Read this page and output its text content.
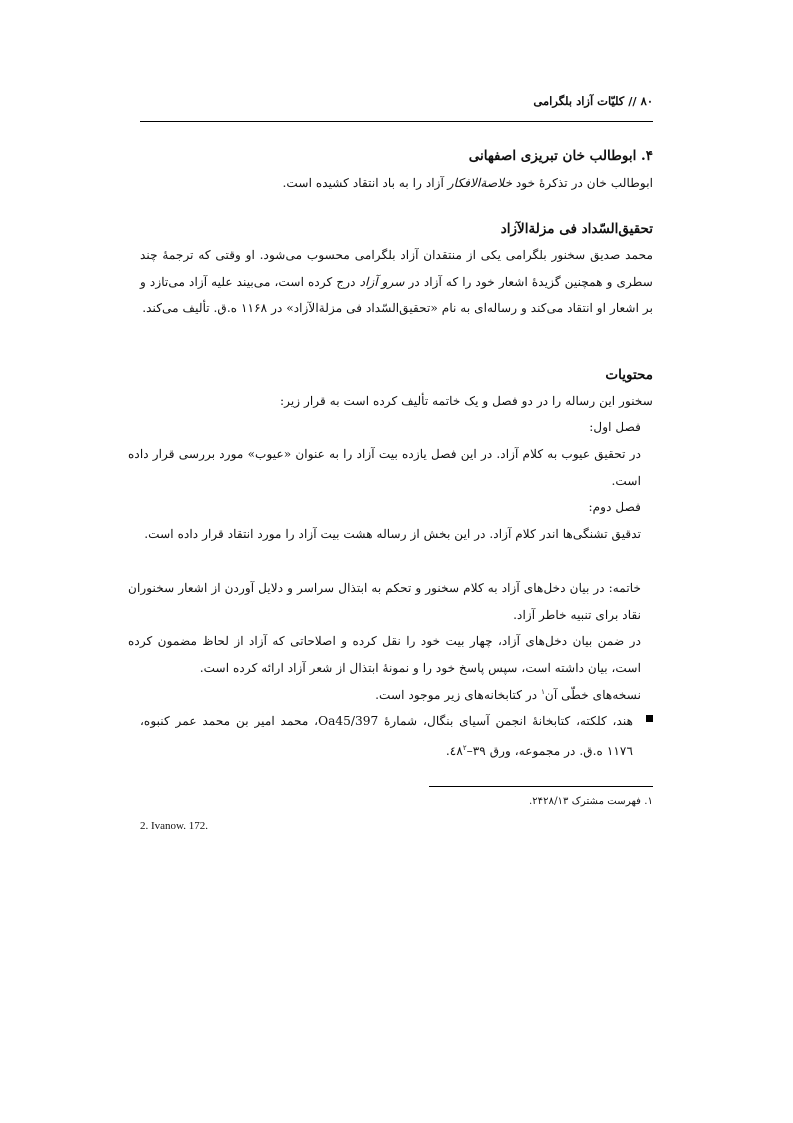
۸۰ // کلیّات آزاد بلگرامی
۴. ابوطالب خان تبریزی اصفهانی
ابوطالب خان در تذکرهٔ خود خلاصةالافکار آزاد را به باد انتقاد کشیده است.
تحقیق‌السّداد فی مزلة‌الآزاد
محمد صدیق سخنور بلگرامی یکی از منتقدان آزاد بلگرامی محسوب می‌شود. او وقتی که ترجمهٔ چند سطری و همچنین گزیدهٔ اشعار خود را که آزاد در سرو آزاد درج کرده است، می‌بیند علیه آزاد می‌تازد و بر اشعار او انتقاد می‌کند و رساله‌ای به نام «تحقیق‌السّداد فی مزلة‌الآزاد» در ۱۱۶۸ ه‌.ق. تألیف می‌کند.
محتویات
سخنور این رساله را در دو فصل و یک خاتمه تألیف کرده است به قرار زیر:
فصل اول:
در تحقیق عیوب به کلام آزاد. در این فصل یازده بیت آزاد را به عنوان «عیوب» مورد بررسی قرار داده است.
فصل دوم:
تدقیق تشنگی‌ها اندر کلام آزاد. در این بخش از رساله هشت بیت آزاد را مورد انتقاد قرار داده است.
خاتمه: در بیان دخل‌های آزاد به کلام سخنور و تحکم به ابتذال سراسر و دلایل آوردن از اشعار سخنوران نقاد برای تنبیه خاطر آزاد.
در ضمن بیان دخل‌های آزاد، چهار بیت خود را نقل کرده و اصلاحاتی که آزاد از لحاظ مضمون کرده است، بیان داشته است، سپس پاسخ خود را و نمونهٔ ابتذال از شعر آزاد ارائه کرده است.
نسخه‌های خطّی آن$^۱$ در کتابخانه‌های زیر موجود است.
هند، کلکته، کتابخانهٔ انجمن آسیای بنگال، شمارهٔ 397/Oa45، محمد امیر بن محمد عمر کنبوه، ۱۱۷٦ ه‌.ق. در مجموعه، ورق $۳۹-٤۸^۲$.
۱. فهرست مشترک ۲۴۲۸/۱۳.
2. Ivanow. 172.
